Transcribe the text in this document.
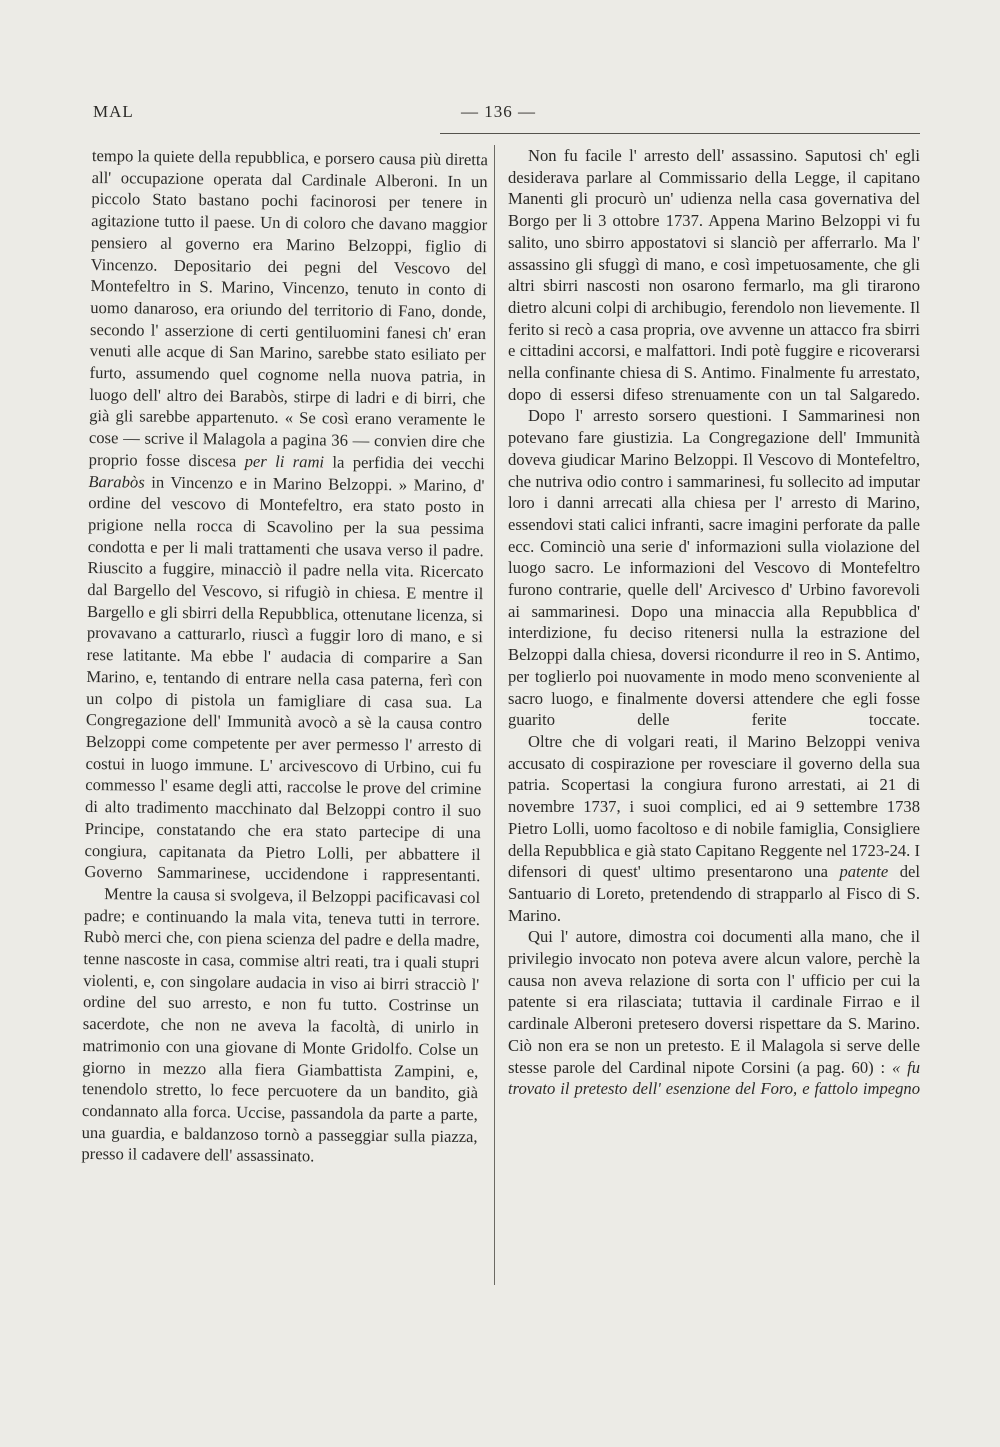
MAL	— 136 —

tempo la quiete della repubblica, e porsero causa più diretta all' occupazione operata dal Cardinale Alberoni. In un piccolo Stato bastano pochi facinorosi per tenere in agitazione tutto il paese. Un di coloro che davano maggior pensiero al governo era Marino Belzoppi, figlio di Vincenzo. Depositario dei pegni del Vescovo del Montefeltro in S. Marino, Vincenzo, tenuto in conto di uomo danaroso, era oriundo del territorio di Fano, donde, secondo l' asserzione di certi gentiluomini fanesi ch' eran venuti alle acque di San Marino, sarebbe stato esiliato per furto, assumendo quel cognome nella nuova patria, in luogo dell' altro dei Barabòs, stirpe di ladri e di birri, che già gli sarebbe appartenuto. « Se così erano veramente le cose — scrive il Malagola a pagina 36 — convien dire che proprio fosse discesa per li rami la perfidia dei vecchi Barabòs in Vincenzo e in Marino Belzoppi. » Marino, d' ordine del vescovo di Montefeltro, era stato posto in prigione nella rocca di Scavolino per la sua pessima condotta e per li mali trattamenti che usava verso il padre. Riuscito a fuggire, minacciò il padre nella vita. Ricercato dal Bargello del Vescovo, si rifugiò in chiesa. E mentre il Bargello e gli sbirri della Repubblica, ottenutane licenza, si provavano a catturarlo, riuscì a fuggir loro di mano, e si rese latitante. Ma ebbe l' audacia di comparire a San Marino, e, tentando di entrare nella casa paterna, ferì con un colpo di pistola un famigliare di casa sua. La Congregazione dell' Immunità avocò a sè la causa contro Belzoppi come competente per aver permesso l' arresto di costui in luogo immune. L' arcivescovo di Urbino, cui fu commesso l' esame degli atti, raccolse le prove del crimine di alto tradimento macchinato dal Belzoppi contro il suo Principe, constatando che era stato partecipe di una congiura, capitanata da Pietro Lolli, per abbattere il Governo Sammarinese, uccidendone i rappresentanti.

Mentre la causa si svolgeva, il Belzoppi pacificavasi col padre; e continuando la mala vita, teneva tutti in terrore. Rubò merci che, con piena scienza del padre e della madre, tenne nascoste in casa, commise altri reati, tra i quali stupri violenti, e, con singolare audacia in viso ai birri stracciò l' ordine del suo arresto, e non fu tutto. Costrinse un sacerdote, che non ne aveva la facoltà, di unirlo in matrimonio con una giovane di Monte Gridolfo. Colse un giorno in mezzo alla fiera Giambattista Zampini, e, tenendolo stretto, lo fece percuotere da un bandito, già condannato alla forca. Uccise, passandola da parte a parte, una guardia, e baldanzoso tornò a passeggiar sulla piazza, presso il cadavere dell' assassinato.

Non fu facile l' arresto dell' assassino. Saputosi ch' egli desiderava parlare al Commissario della Legge, il capitano Manenti gli procurò un' udienza nella casa governativa del Borgo per li 3 ottobre 1737. Appena Marino Belzoppi vi fu salito, uno sbirro appostatovi si slanciò per afferrarlo. Ma l' assassino gli sfuggì di mano, e così impetuosamente, che gli altri sbirri nascosti non osarono fermarlo, ma gli tirarono dietro alcuni colpi di archibugio, ferendolo non lievemente. Il ferito si recò a casa propria, ove avvenne un attacco fra sbirri e cittadini accorsi, e malfattori. Indi potè fuggire e ricoverarsi nella confinante chiesa di S. Antimo. Finalmente fu arrestato, dopo di essersi difeso strenuamente con un tal Salgaredo.

Dopo l' arresto sorsero questioni. I Sammarinesi non potevano fare giustizia. La Congregazione dell' Immunità doveva giudicar Marino Belzoppi. Il Vescovo di Montefeltro, che nutriva odio contro i sammarinesi, fu sollecito ad imputar loro i danni arrecati alla chiesa per l' arresto di Marino, essendovi stati calici infranti, sacre imagini perforate da palle ecc. Cominciò una serie d' informazioni sulla violazione del luogo sacro. Le informazioni del Vescovo di Montefeltro furono contrarie, quelle dell' Arcivesco d' Urbino favorevoli ai sammarinesi. Dopo una minaccia alla Repubblica d' interdizione, fu deciso ritenersi nulla la estrazione del Belzoppi dalla chiesa, doversi ricondurre il reo in S. Antimo, per toglierlo poi nuovamente in modo meno sconveniente al sacro luogo, e finalmente doversi attendere che egli fosse guarito delle ferite toccate.

Oltre che di volgari reati, il Marino Belzoppi veniva accusato di cospirazione per rovesciare il governo della sua patria. Scopertasi la congiura furono arrestati, ai 21 di novembre 1737, i suoi complici, ed ai 9 settembre 1738 Pietro Lolli, uomo facoltoso e di nobile famiglia, Consigliere della Repubblica e già stato Capitano Reggente nel 1723-24. I difensori di quest' ultimo presentarono una patente del Santuario di Loreto, pretendendo di strapparlo al Fisco di S. Marino.

Qui l' autore, dimostra coi documenti alla mano, che il privilegio invocato non poteva avere alcun valore, perchè la causa non aveva relazione di sorta con l' ufficio per cui la patente si era rilasciata; tuttavia il cardinale Firrao e il cardinale Alberoni pretesero doversi rispettare da S. Marino. Ciò non era se non un pretesto. E il Malagola si serve delle stesse parole del Cardinal nipote Corsini (a pag. 60) : « fu trovato il pretesto dell' esenzione del Foro, e fattolo impegno
